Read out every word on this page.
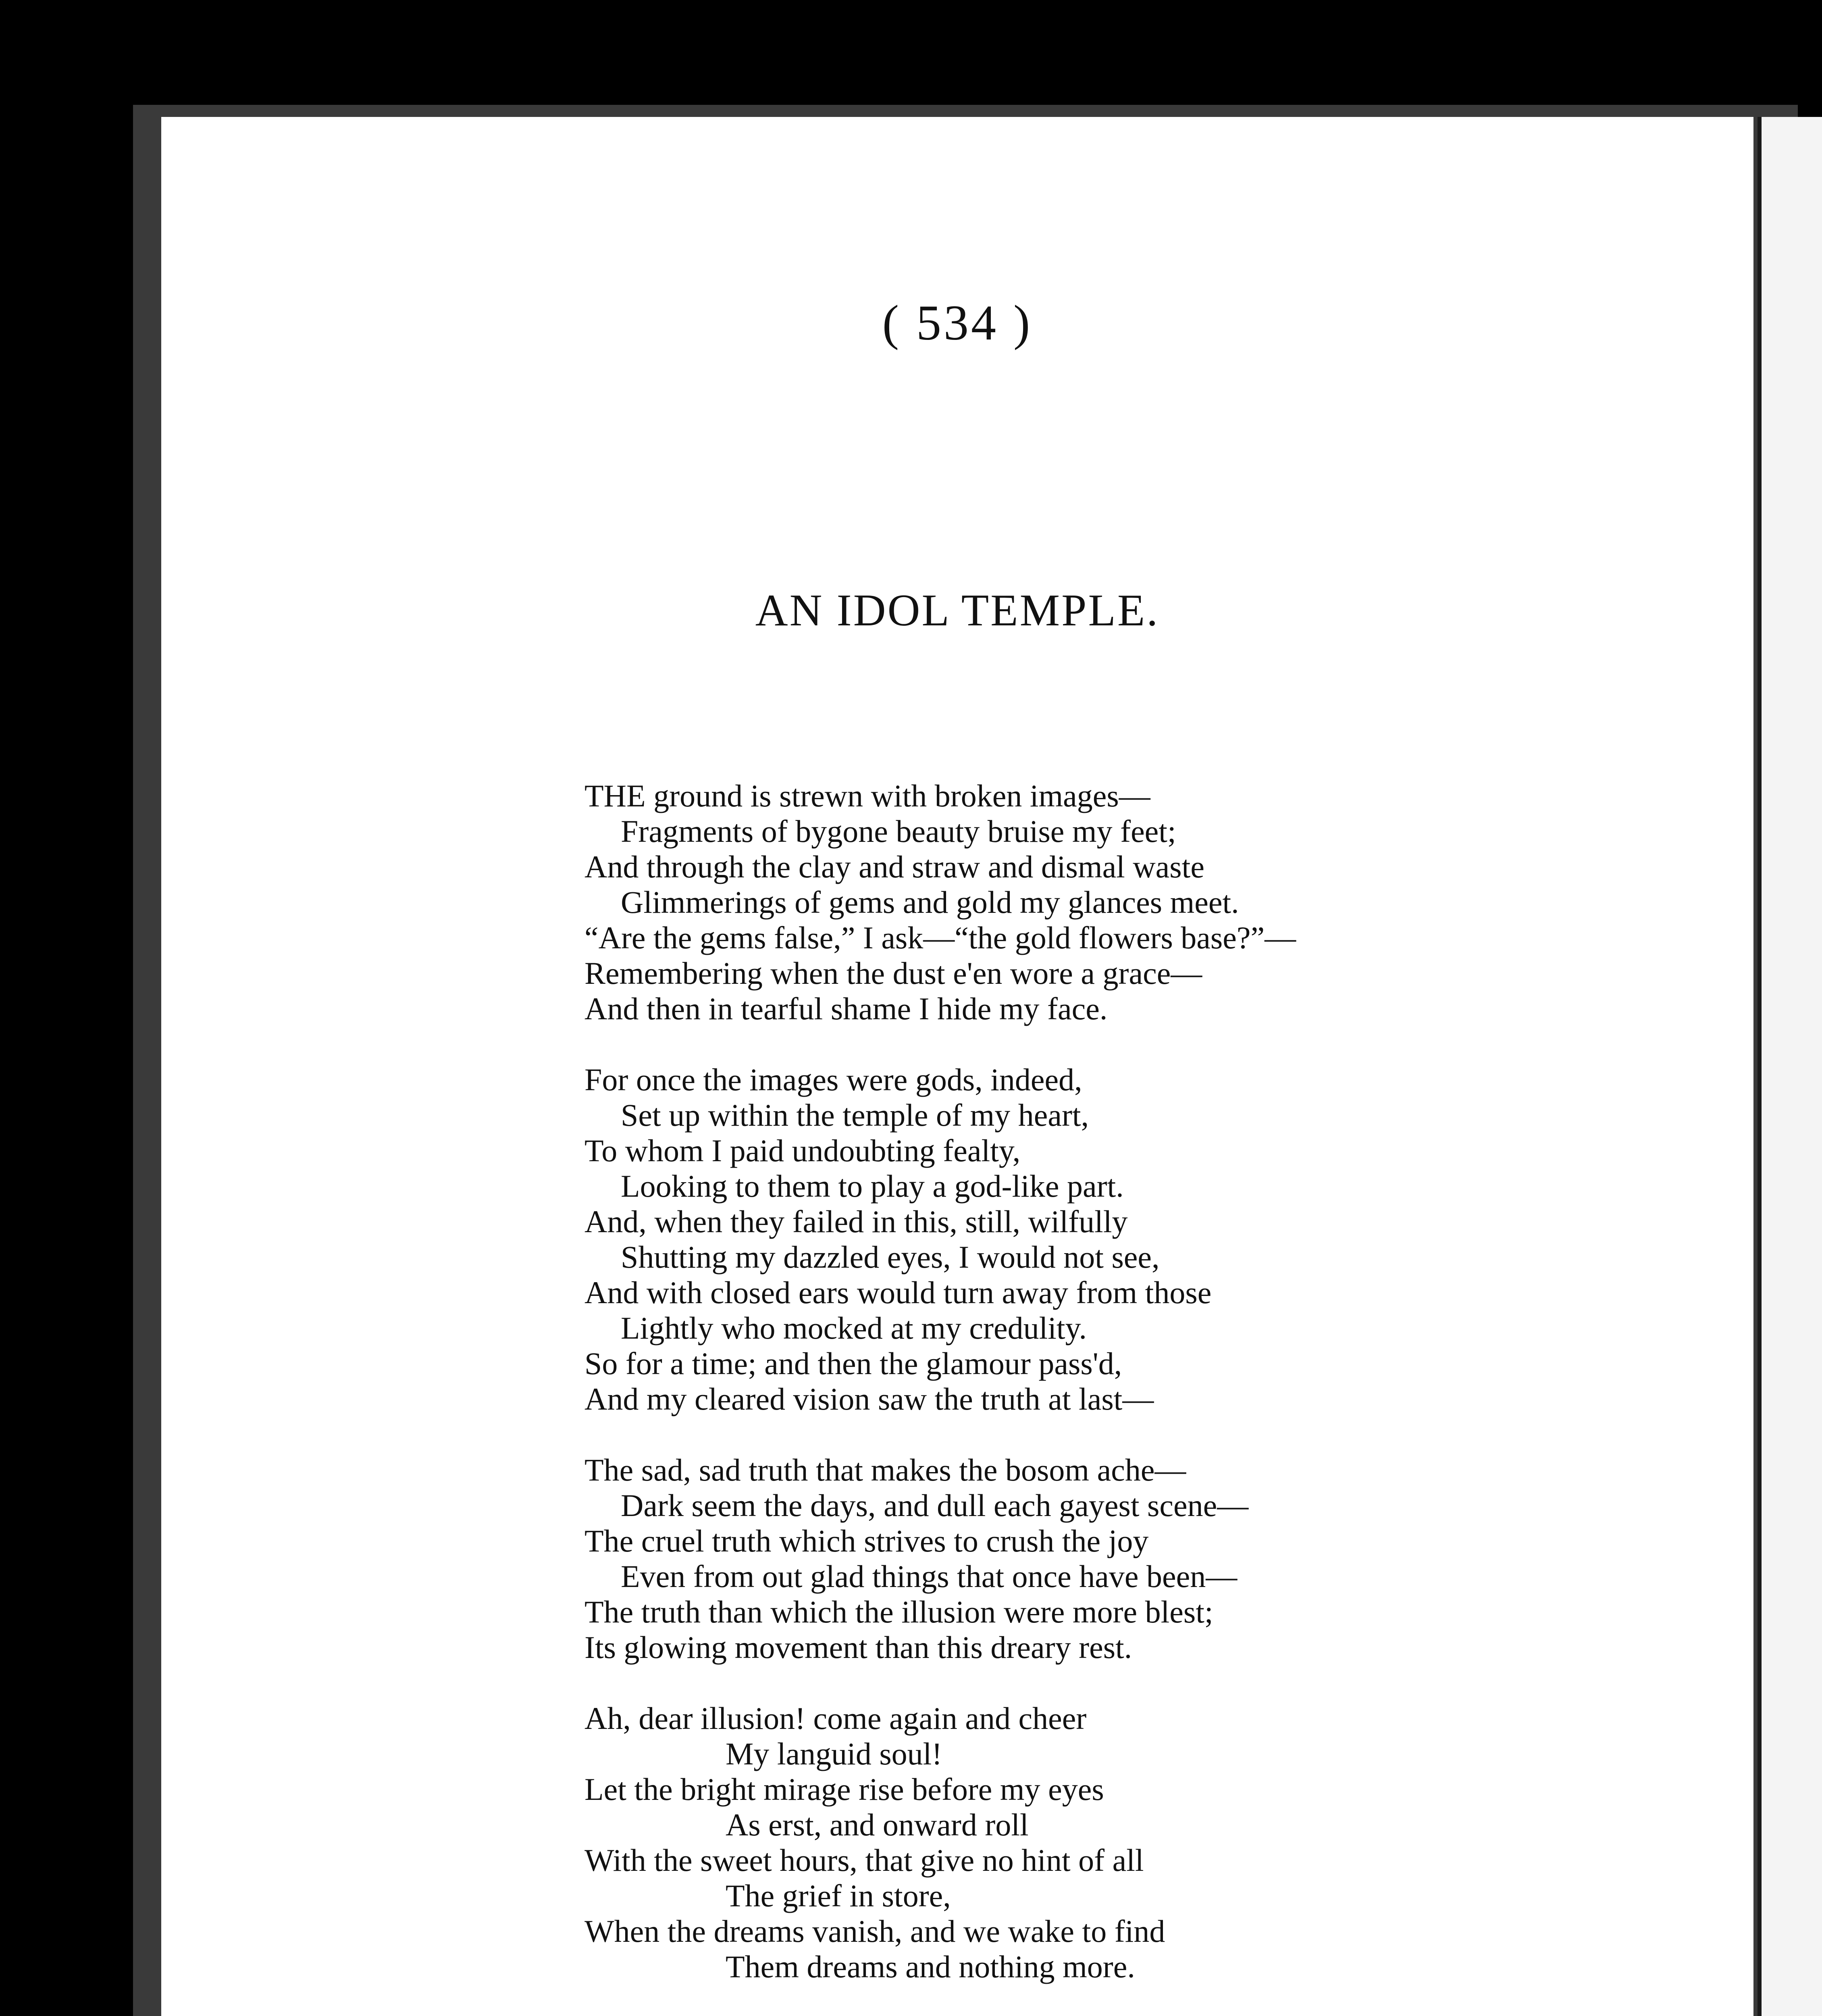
( 534 )
AN IDOL TEMPLE.
THE ground is strewn with broken images—
Fragments of bygone beauty bruise my feet;
And through the clay and straw and dismal waste
Glimmerings of gems and gold my glances meet.
“Are the gems false,” I ask—“the gold flowers base?”—
Remembering when the dust e'en wore a grace—
And then in tearful shame I hide my face.
For once the images were gods, indeed,
Set up within the temple of my heart,
To whom I paid undoubting fealty,
Looking to them to play a god-like part.
And, when they failed in this, still, wilfully
Shutting my dazzled eyes, I would not see,
And with closed ears would turn away from those
Lightly who mocked at my credulity.
So for a time; and then the glamour pass'd,
And my cleared vision saw the truth at last—
The sad, sad truth that makes the bosom ache—
Dark seem the days, and dull each gayest scene—
The cruel truth which strives to crush the joy
Even from out glad things that once have been—
The truth than which the illusion were more blest;
Its glowing movement than this dreary rest.
Ah, dear illusion! come again and cheer
My languid soul!
Let the bright mirage rise before my eyes
As erst, and onward roll
With the sweet hours, that give no hint of all
The grief in store,
When the dreams vanish, and we wake to find
Them dreams and nothing more.
